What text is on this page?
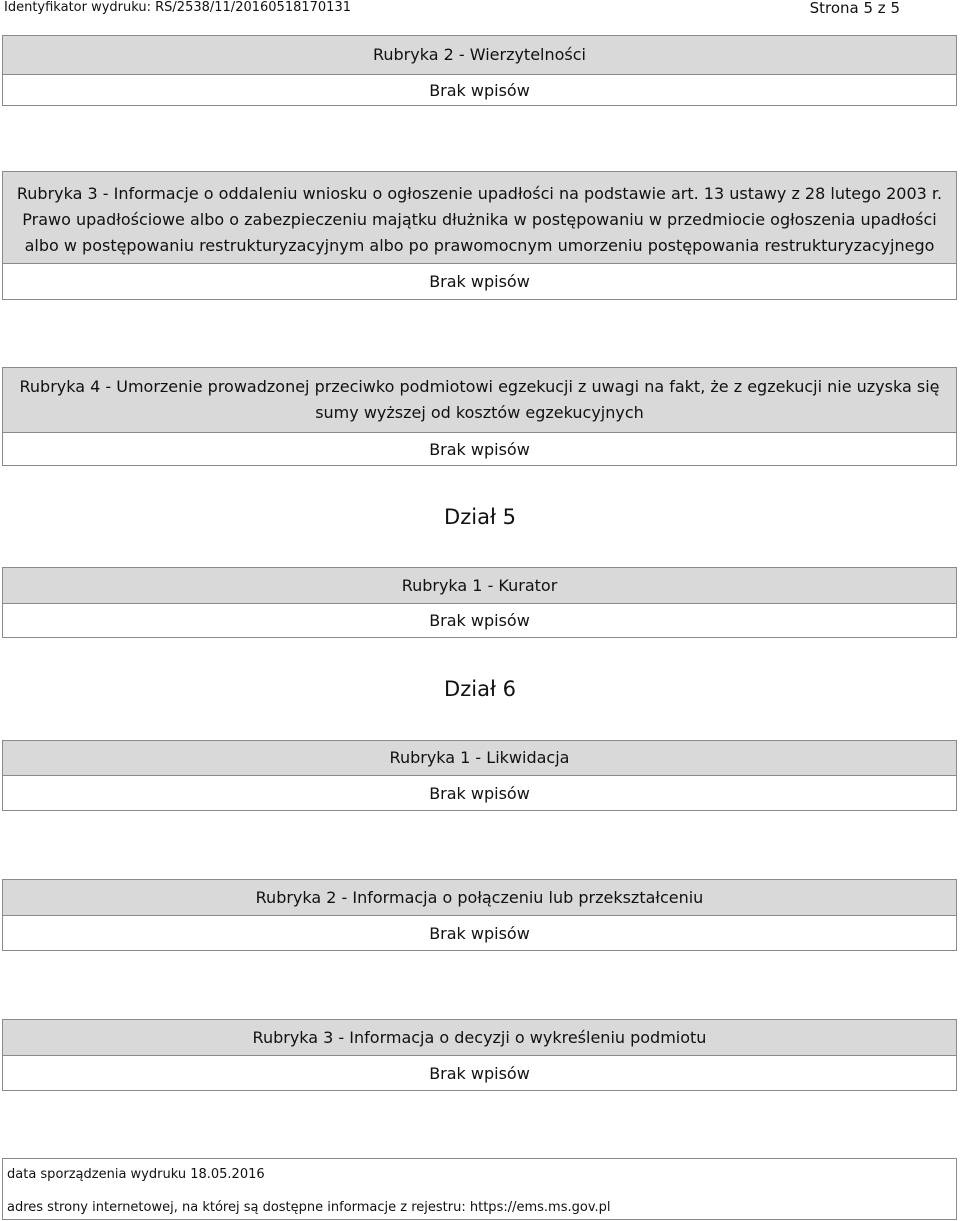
Identyfikator wydruku: RS/2538/11/20160518170131	Strona 5 z 5
Rubryka 2 - Wierzytelności
Brak wpisów
Rubryka 3 - Informacje o oddaleniu wniosku o ogłoszenie upadłości na podstawie art. 13 ustawy z 28 lutego 2003 r. Prawo upadłościowe albo o zabezpieczeniu majątku dłużnika w postępowaniu w przedmiocie ogłoszenia upadłości albo w postępowaniu restrukturyzacyjnym albo po prawomocnym umorzeniu postępowania restrukturyzacyjnego
Brak wpisów
Rubryka 4 - Umorzenie prowadzonej przeciwko podmiotowi egzekucji z uwagi na fakt, że z egzekucji nie uzyska się sumy wyższej od kosztów egzekucyjnych
Brak wpisów
Dział 5
Rubryka 1 - Kurator
Brak wpisów
Dział 6
Rubryka 1 - Likwidacja
Brak wpisów
Rubryka 2 - Informacja o połączeniu lub przekształceniu
Brak wpisów
Rubryka 3 - Informacja o decyzji o wykreśleniu podmiotu
Brak wpisów
data sporządzenia wydruku 18.05.2016
adres strony internetowej, na której są dostępne informacje z rejestru: https://ems.ms.gov.pl
